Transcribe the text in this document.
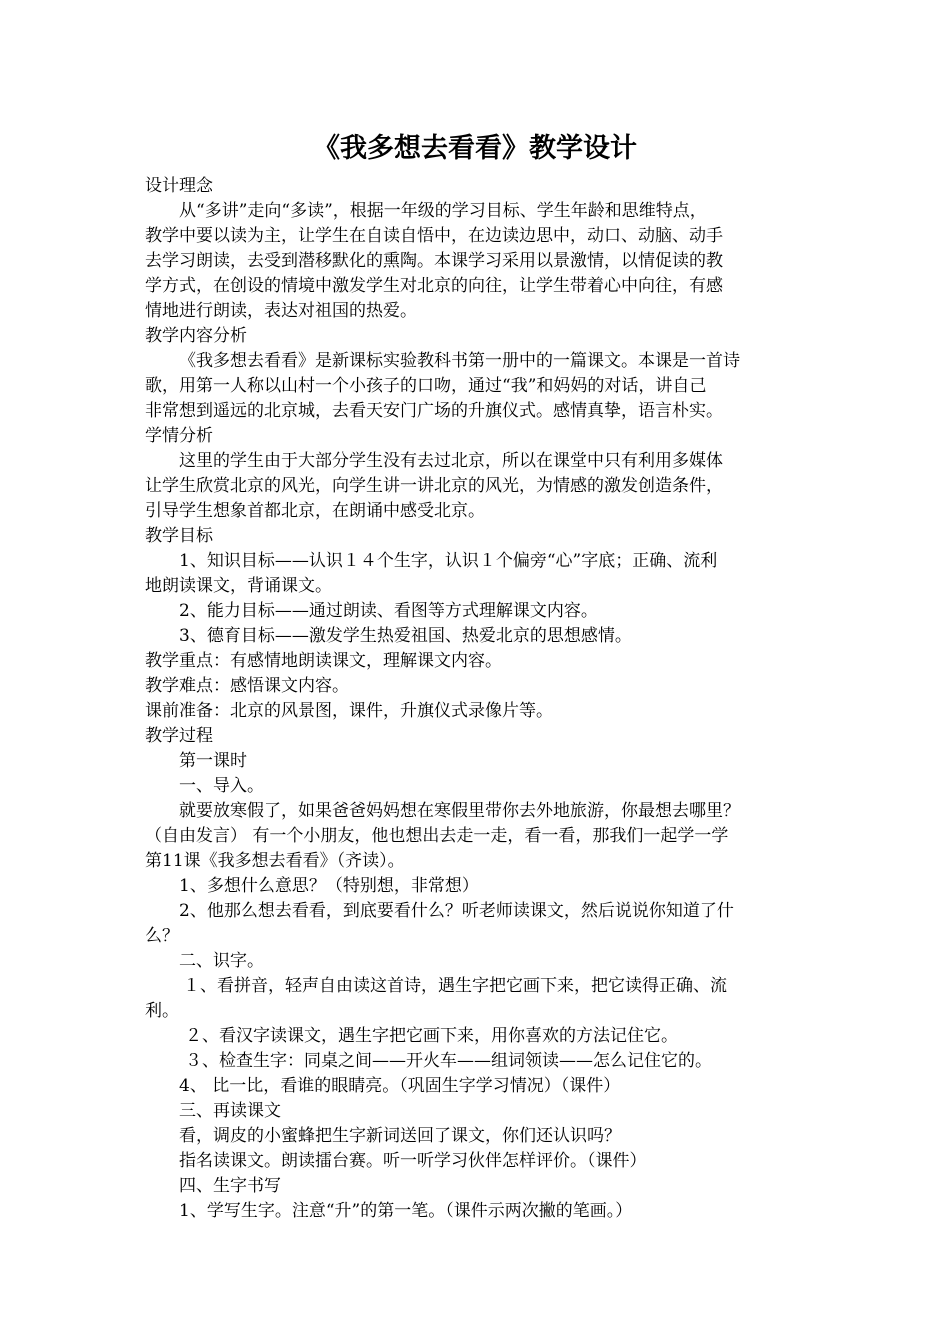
《我多想去看看》教学设计
设计理念
从“多讲”走向“多读”，根据一年级的学习目标、学生年龄和思维特点，
教学中要以读为主，让学生在自读自悟中，在边读边思中，动口、动脑、动手
去学习朗读，去受到潜移默化的熏陶。本课学习采用以景激情，以情促读的教
学方式，在创设的情境中激发学生对北京的向往，让学生带着心中向往，有感
情地进行朗读，表达对祖国的热爱。
教学内容分析
《我多想去看看》是新课标实验教科书第一册中的一篇课文。本课是一首诗
歌，用第一人称以山村一个小孩子的口吻，通过“我”和妈妈的对话，讲自己
非常想到遥远的北京城，去看天安门广场的升旗仪式。感情真挚，语言朴实。
学情分析
这里的学生由于大部分学生没有去过北京，所以在课堂中只有利用多媒体
让学生欣赏北京的风光，向学生讲一讲北京的风光，为情感的激发创造条件，
引导学生想象首都北京，在朗诵中感受北京。
教学目标
1、知识目标——认识１４个生字，认识１个偏旁“心”字底；正确、流利
地朗读课文，背诵课文。
2、能力目标——通过朗读、看图等方式理解课文内容。
3、德育目标——激发学生热爱祖国、热爱北京的思想感情。
教学重点：有感情地朗读课文，理解课文内容。
教学难点：感悟课文内容。
课前准备：北京的风景图，课件，升旗仪式录像片等。
教学过程
第一课时
一、导入。
就要放寒假了，如果爸爸妈妈想在寒假里带你去外地旅游，你最想去哪里？
（自由发言） 有一个小朋友，他也想出去走一走，看一看，那我们一起学一学
第11课《我多想去看看》（齐读）。
1、多想什么意思？（特别想，非常想）
2、他那么想去看看，到底要看什么？听老师读课文，然后说说你知道了什
么？
二、识字。
１、看拼音，轻声自由读这首诗，遇生字把它画下来，把它读得正确、流
利。
２、看汉字读课文，遇生字把它画下来，用你喜欢的方法记住它。
３、检查生字：同桌之间——开火车——组词领读——怎么记住它的。
4、 比一比，看谁的眼睛亮。（巩固生字学习情况）（课件）
三、再读课文
看，调皮的小蜜蜂把生字新词送回了课文，你们还认识吗？
指名读课文。朗读擂台赛。听一听学习伙伴怎样评价。（课件）
四、生字书写
1、学写生字。注意“升”的第一笔。（课件示两次撇的笔画。）
